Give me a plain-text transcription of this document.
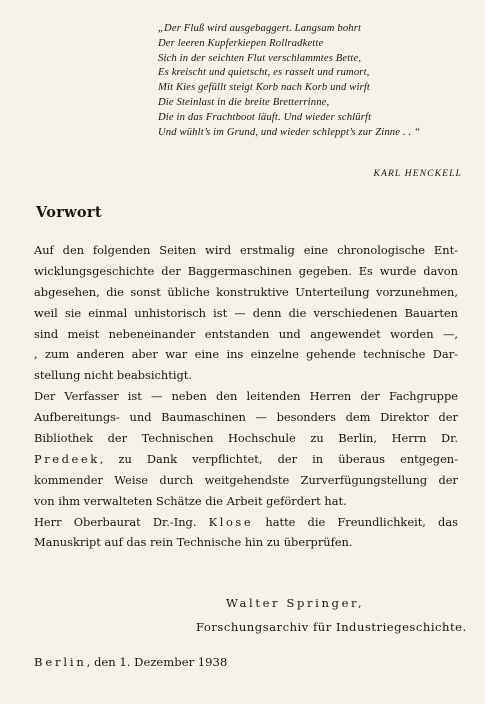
„Der Fluß wird ausgebaggert. Langsam bohrt
Der leeren Kupferkiepen Rollradkette
Sich in der seichten Flut verschlammtes Bette,
Es kreischt und quietscht, es rasselt und rumort,
Mit Kies gefüllt steigt Korb nach Korb und wirft
Die Steinlast in die breite Bretterrinne,
Die in das Frachtboot läuft. Und wieder schlürft
Und wühlt’s im Grund, und wieder schleppt’s zur Zinne . . “
KARL HENCKELL
Vorwort
Auf den folgenden Seiten wird erstmalig eine chronologische Ent-
wicklungsgeschichte der Baggermaschinen gegeben. Es wurde davon
abgesehen, die sonst übliche konstruktive Unterteilung vorzunehmen,
weil sie einmal unhistorisch ist — denn die verschiedenen Bauarten
sind meist nebeneinander entstanden und angewendet worden —,
, zum anderen aber war eine ins einzelne gehende technische Dar-
stellung nicht beabsichtigt.
Der Verfasser ist — neben den leitenden Herren der Fachgruppe
Aufbereitungs- und Baumaschinen — besonders dem Direktor der
Bibliothek der Technischen Hochschule zu Berlin, Herrn Dr.
Predeek, zu Dank verpflichtet, der in überaus entgegen-
kommender Weise durch weitgehendste Zurverfügungstellung der
von ihm verwalteten Schätze die Arbeit gefördert hat.
Herr Oberbaurat Dr.-Ing. Klose hatte die Freundlichkeit, das
Manuskript auf das rein Technische hin zu überprüfen.
Walter Springer,
Forschungsarchiv für Industriegeschichte.
Berlin, den 1. Dezember 1938
